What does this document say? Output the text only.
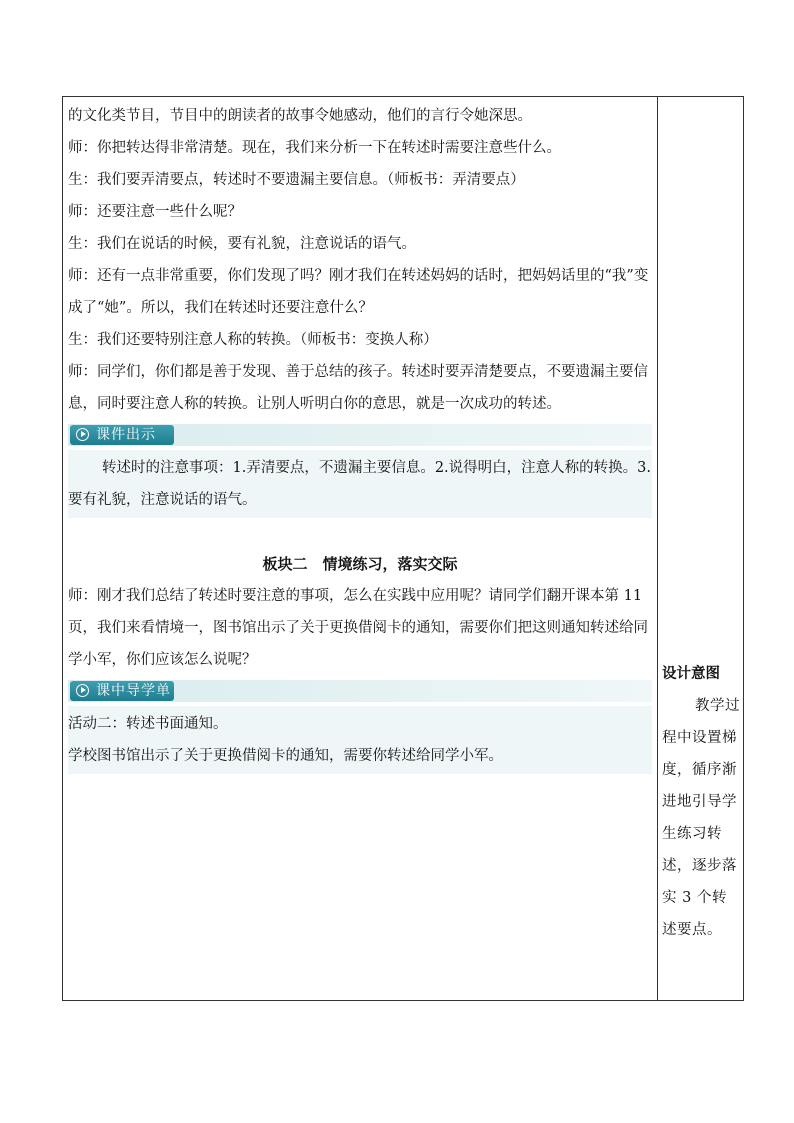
的文化类节目，节目中的朗读者的故事令她感动，他们的言行令她深思。

师：你把转达得非常清楚。现在，我们来分析一下在转述时需要注意些什么。

生：我们要弄清要点，转述时不要遗漏主要信息。（师板书：弄清要点）

师：还要注意一些什么呢？

生：我们在说话的时候，要有礼貌，注意说话的语气。

师：还有一点非常重要，你们发现了吗？刚才我们在转述妈妈的话时，把妈妈话里的“我”变成了“她”。所以，我们在转述时还要注意什么？

生：我们还要特别注意人称的转换。（师板书：变换人称）

师：同学们，你们都是善于发现、善于总结的孩子。转述时要弄清楚要点，不要遗漏主要信息，同时要注意人称的转换。让别人听明白你的意思，就是一次成功的转述。

课件出示

转述时的注意事项：1.弄清要点，不遗漏主要信息。2.说得明白，注意人称的转换。3.要有礼貌，注意说话的语气。

板块二　情境练习，落实交际

师：刚才我们总结了转述时要注意的事项，怎么在实践中应用呢？请同学们翻开课本第 11 页，我们来看情境一，图书馆出示了关于更换借阅卡的通知，需要你们把这则通知转述给同学小军，你们应该怎么说呢？

课中导学单

活动二：转述书面通知。

学校图书馆出示了关于更换借阅卡的通知，需要你转述给同学小军。

设计意图

教学过程中设置梯度，循序渐进地引导学生练习转述，逐步落实 3 个转述要点。
